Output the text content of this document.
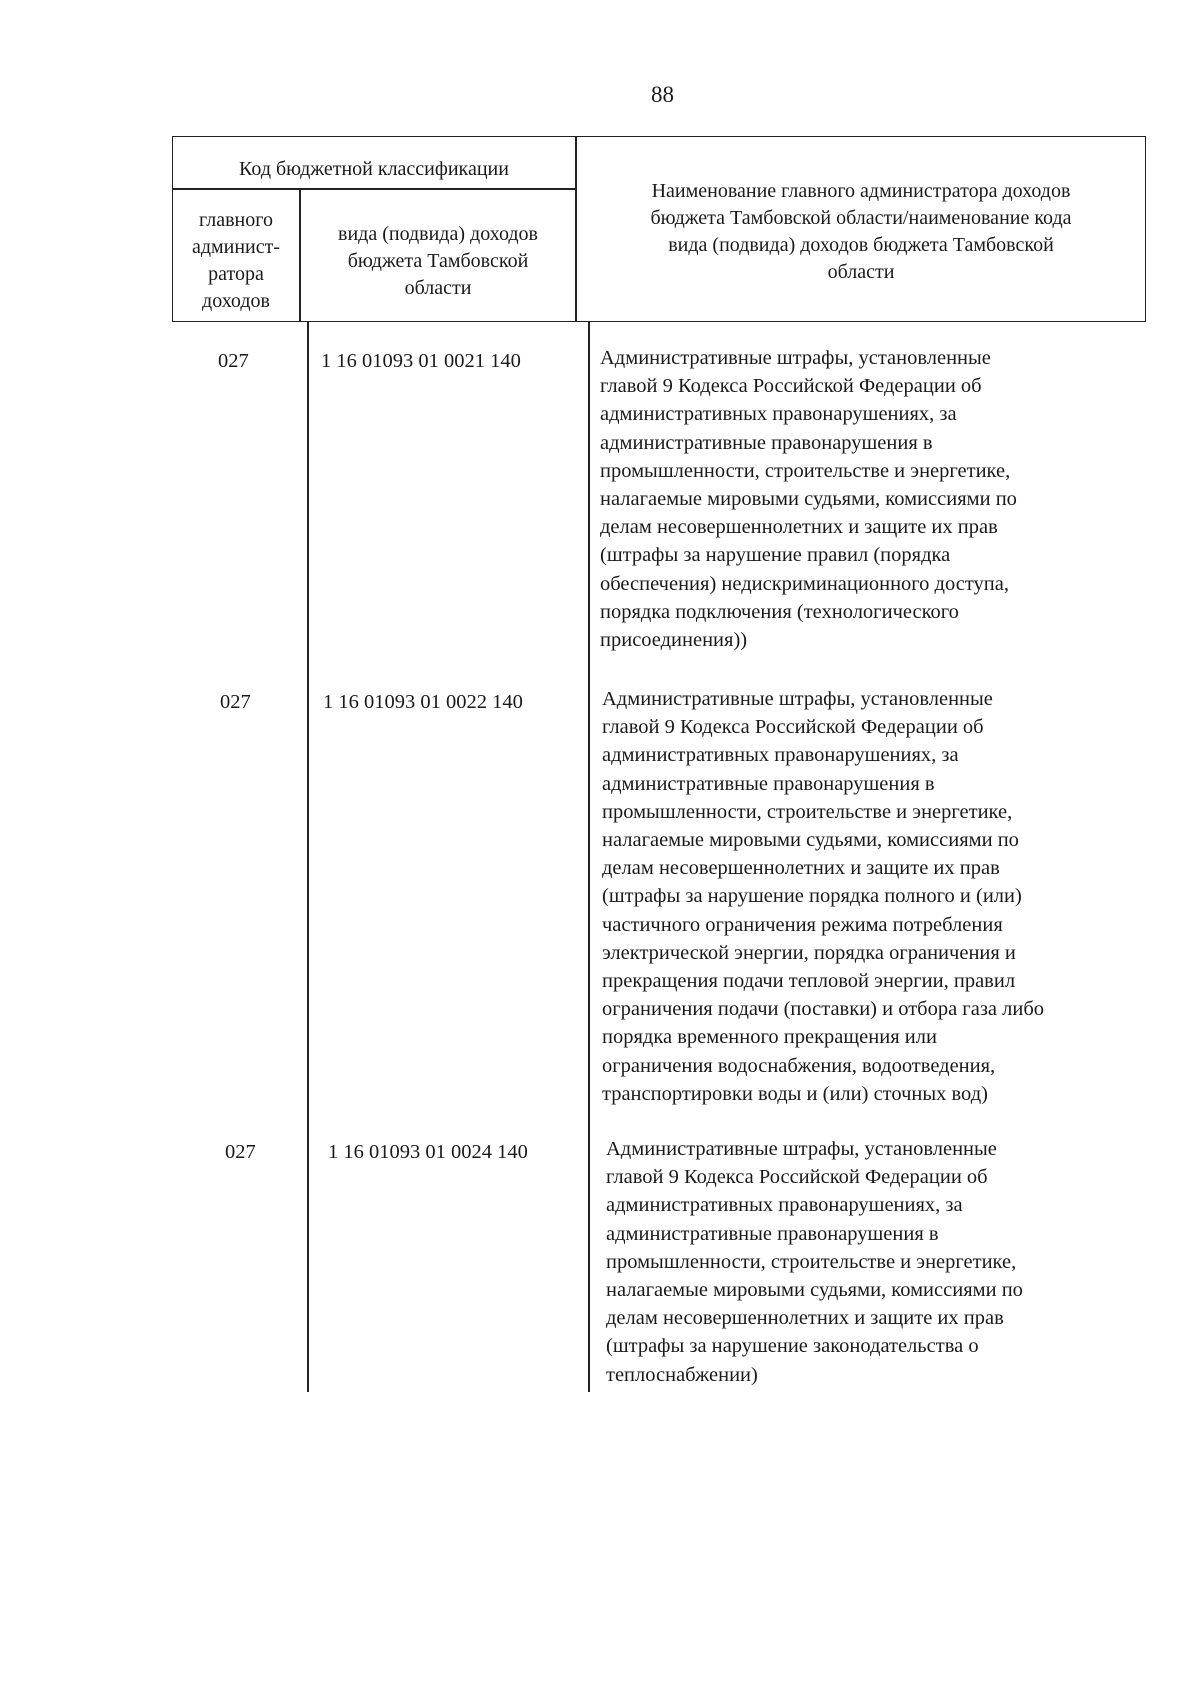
88
Код бюджетной классификации
главного
админист-
ратора
доходов
вида (подвида) доходов
бюджета Тамбовской
области
Наименование главного администратора доходов
бюджета Тамбовской области/наименование кода
вида (подвида) доходов бюджета Тамбовской
области
027	1 16 01093 01 0021 140	Административные штрафы, установленные
главой 9 Кодекса Российской Федерации об
административных правонарушениях, за
административные правонарушения в
промышленности, строительстве и энергетике,
налагаемые мировыми судьями, комиссиями по
делам несовершеннолетних и защите их прав
(штрафы за нарушение правил (порядка
обеспечения) недискриминационного доступа,
порядка подключения (технологического
присоединения))
027	1 16 01093 01 0022 140	Административные штрафы, установленные
главой 9 Кодекса Российской Федерации об
административных правонарушениях, за
административные правонарушения в
промышленности, строительстве и энергетике,
налагаемые мировыми судьями, комиссиями по
делам несовершеннолетних и защите их прав
(штрафы за нарушение порядка полного и (или)
частичного ограничения режима потребления
электрической энергии, порядка ограничения и
прекращения подачи тепловой энергии, правил
ограничения подачи (поставки) и отбора газа либо
порядка временного прекращения или
ограничения водоснабжения, водоотведения,
транспортировки воды и (или) сточных вод)
027	1 16 01093 01 0024 140	Административные штрафы, установленные
главой 9 Кодекса Российской Федерации об
административных правонарушениях, за
административные правонарушения в
промышленности, строительстве и энергетике,
налагаемые мировыми судьями, комиссиями по
делам несовершеннолетних и защите их прав
(штрафы за нарушение законодательства о
теплоснабжении)
